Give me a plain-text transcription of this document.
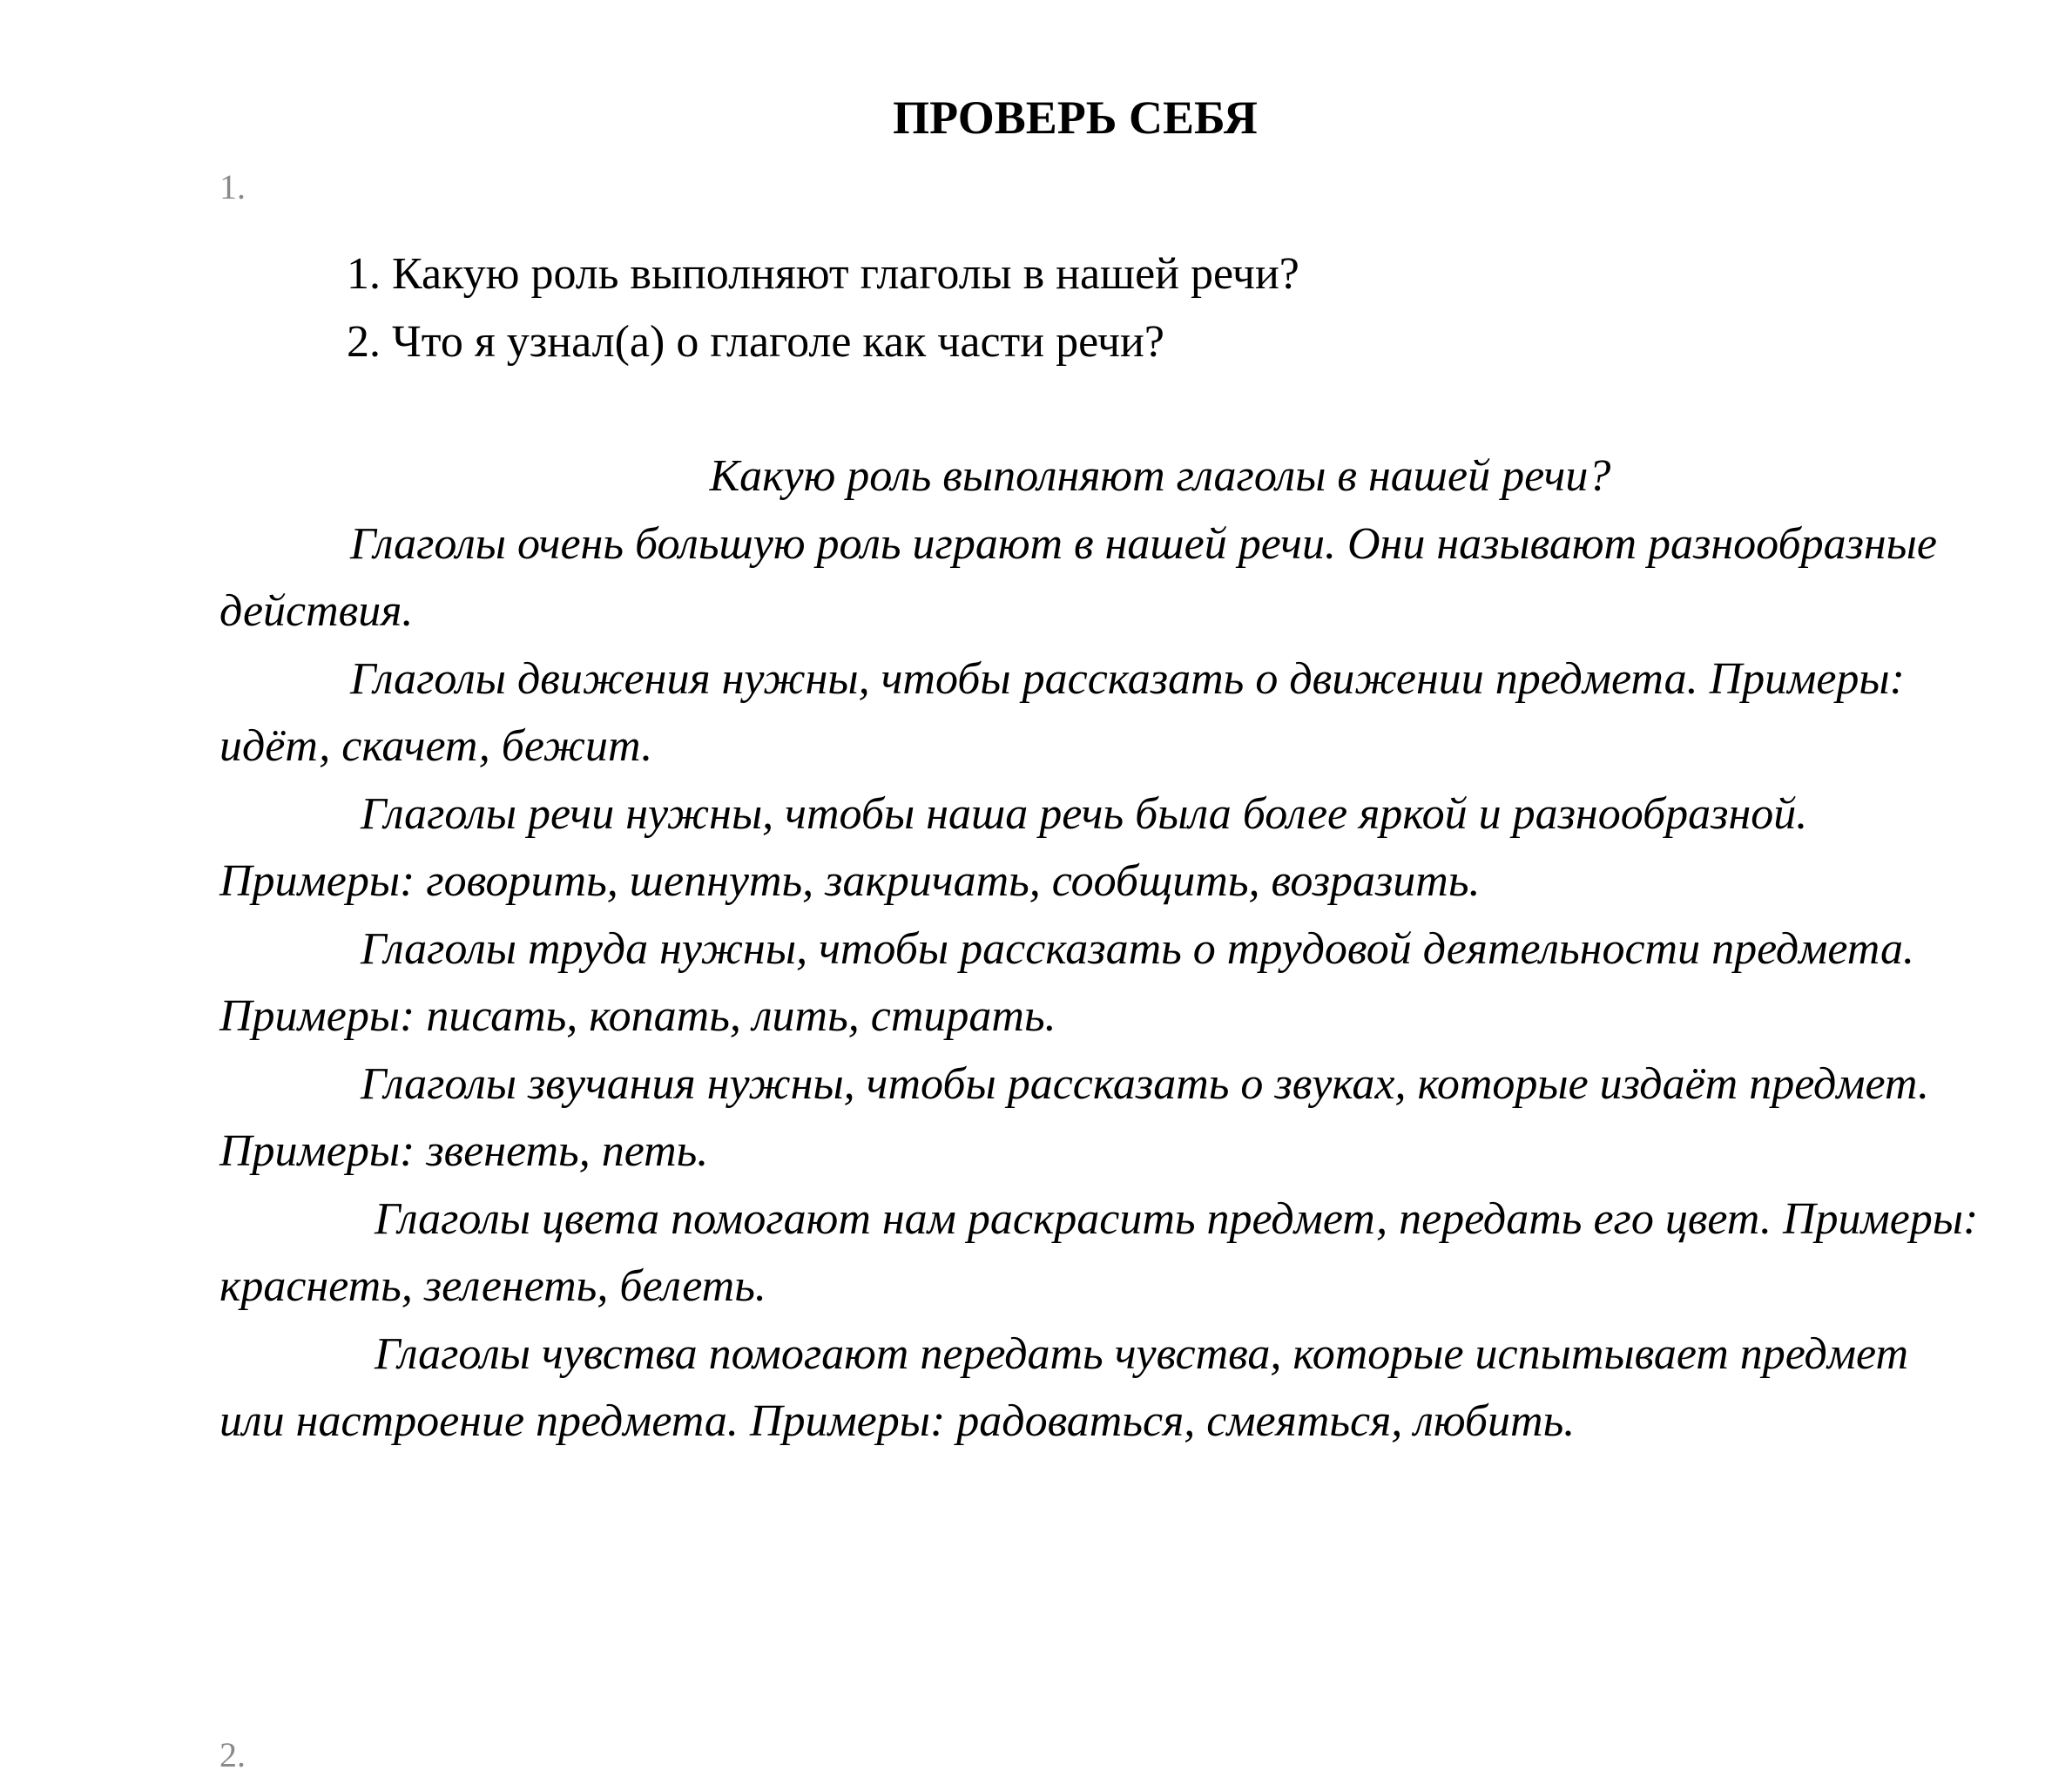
ПРОВЕРЬ СЕБЯ
1.
1. Какую роль выполняют глаголы в нашей речи?
2. Что я узнал(а) о глаголе как части речи?
Какую роль выполняют глаголы в нашей речи?

Глаголы очень большую роль играют в нашей речи. Они называют разнообразные действия.

Глаголы движения нужны, чтобы рассказать о движении предмета. Примеры: идёт, скачет, бежит.

Глаголы речи нужны, чтобы наша речь была более яркой и разнообразной. Примеры: говорить, шепнуть, закричать, сообщить, возразить.

Глаголы труда нужны, чтобы рассказать о трудовой деятельности предмета. Примеры: писать, копать, лить, стирать.

Глаголы звучания нужны, чтобы рассказать о звуках, которые издаёт предмет. Примеры: звенеть, петь.

Глаголы цвета помогают нам раскрасить предмет, передать его цвет. Примеры: краснеть, зеленеть, белеть.

Глаголы чувства помогают передать чувства, которые испытывает предмет или настроение предмета. Примеры: радоваться, смеяться, любить.

2.
